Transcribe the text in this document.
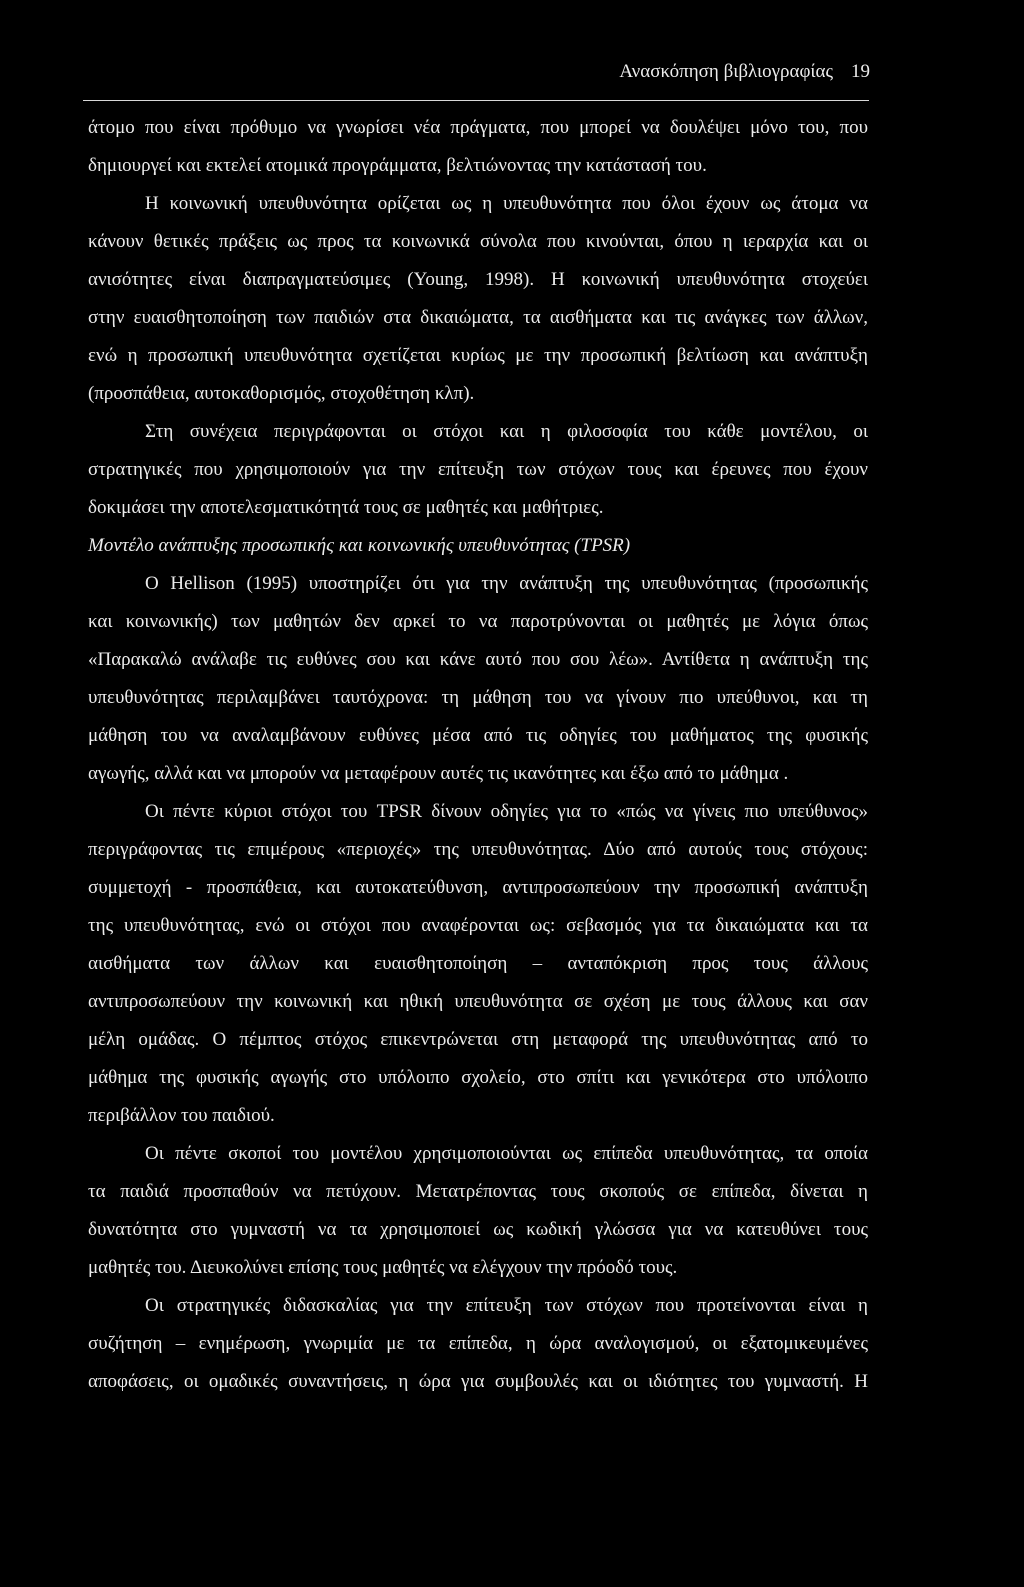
Ανασκόπηση βιβλιογραφίας 19
άτομο που είναι πρόθυμο να γνωρίσει νέα πράγματα, που μπορεί να δουλέψει μόνο του, που
δημιουργεί και εκτελεί ατομικά προγράμματα, βελτιώνοντας την κατάστασή του.
Η κοινωνική υπευθυνότητα ορίζεται ως η υπευθυνότητα που όλοι έχουν ως άτομα να
κάνουν θετικές πράξεις ως προς τα κοινωνικά σύνολα που κινούνται, όπου η ιεραρχία και οι
ανισότητες είναι διαπραγματεύσιμες (Young, 1998). Η κοινωνική υπευθυνότητα στοχεύει
στην ευαισθητοποίηση των παιδιών στα δικαιώματα, τα αισθήματα και τις ανάγκες των άλλων,
ενώ η προσωπική υπευθυνότητα σχετίζεται κυρίως με την προσωπική βελτίωση και ανάπτυξη
(προσπάθεια, αυτοκαθορισμός, στοχοθέτηση κλπ).
Στη συνέχεια περιγράφονται οι στόχοι και η φιλοσοφία του κάθε μοντέλου, οι
στρατηγικές που χρησιμοποιούν για την επίτευξη των στόχων τους και έρευνες που έχουν
δοκιμάσει την αποτελεσματικότητά τους σε μαθητές και μαθήτριες.
Μοντέλο ανάπτυξης προσωπικής και κοινωνικής υπευθυνότητας (TPSR)
Ο Hellison (1995) υποστηρίζει ότι για την ανάπτυξη της υπευθυνότητας (προσωπικής
και κοινωνικής) των μαθητών δεν αρκεί το να παροτρύνονται οι μαθητές με λόγια όπως
«Παρακαλώ ανάλαβε τις ευθύνες σου και κάνε αυτό που σου λέω». Αντίθετα η ανάπτυξη της
υπευθυνότητας περιλαμβάνει ταυτόχρονα: τη μάθηση του να γίνουν πιο υπεύθυνοι, και τη
μάθηση του να αναλαμβάνουν ευθύνες μέσα από τις οδηγίες του μαθήματος της φυσικής
αγωγής, αλλά και να μπορούν να μεταφέρουν αυτές τις ικανότητες και έξω από το μάθημα .
Οι πέντε κύριοι στόχοι του TPSR δίνουν οδηγίες για το «πώς να γίνεις πιο υπεύθυνος»
περιγράφοντας τις επιμέρους «περιοχές» της υπευθυνότητας. Δύο από αυτούς τους στόχους:
συμμετοχή - προσπάθεια, και αυτοκατεύθυνση, αντιπροσωπεύουν την προσωπική ανάπτυξη
της υπευθυνότητας, ενώ οι στόχοι που αναφέρονται ως: σεβασμός για τα δικαιώματα και τα
αισθήματα των άλλων και ευαισθητοποίηση – ανταπόκριση προς τους άλλους
αντιπροσωπεύουν την κοινωνική και ηθική υπευθυνότητα σε σχέση με τους άλλους και σαν
μέλη ομάδας. Ο πέμπτος στόχος επικεντρώνεται στη μεταφορά της υπευθυνότητας από το
μάθημα της φυσικής αγωγής στο υπόλοιπο σχολείο, στο σπίτι και γενικότερα στο υπόλοιπο
περιβάλλον του παιδιού.
Οι πέντε σκοποί του μοντέλου χρησιμοποιούνται ως επίπεδα υπευθυνότητας, τα οποία
τα παιδιά προσπαθούν να πετύχουν. Μετατρέποντας τους σκοπούς σε επίπεδα, δίνεται η
δυνατότητα στο γυμναστή να τα χρησιμοποιεί ως κωδική γλώσσα για να κατευθύνει τους
μαθητές του. Διευκολύνει επίσης τους μαθητές να ελέγχουν την πρόοδό τους.
Οι στρατηγικές διδασκαλίας για την επίτευξη των στόχων που προτείνονται είναι η
συζήτηση – ενημέρωση, γνωριμία με τα επίπεδα, η ώρα αναλογισμού, οι εξατομικευμένες
αποφάσεις, οι ομαδικές συναντήσεις, η ώρα για συμβουλές και οι ιδιότητες του γυμναστή. Η
